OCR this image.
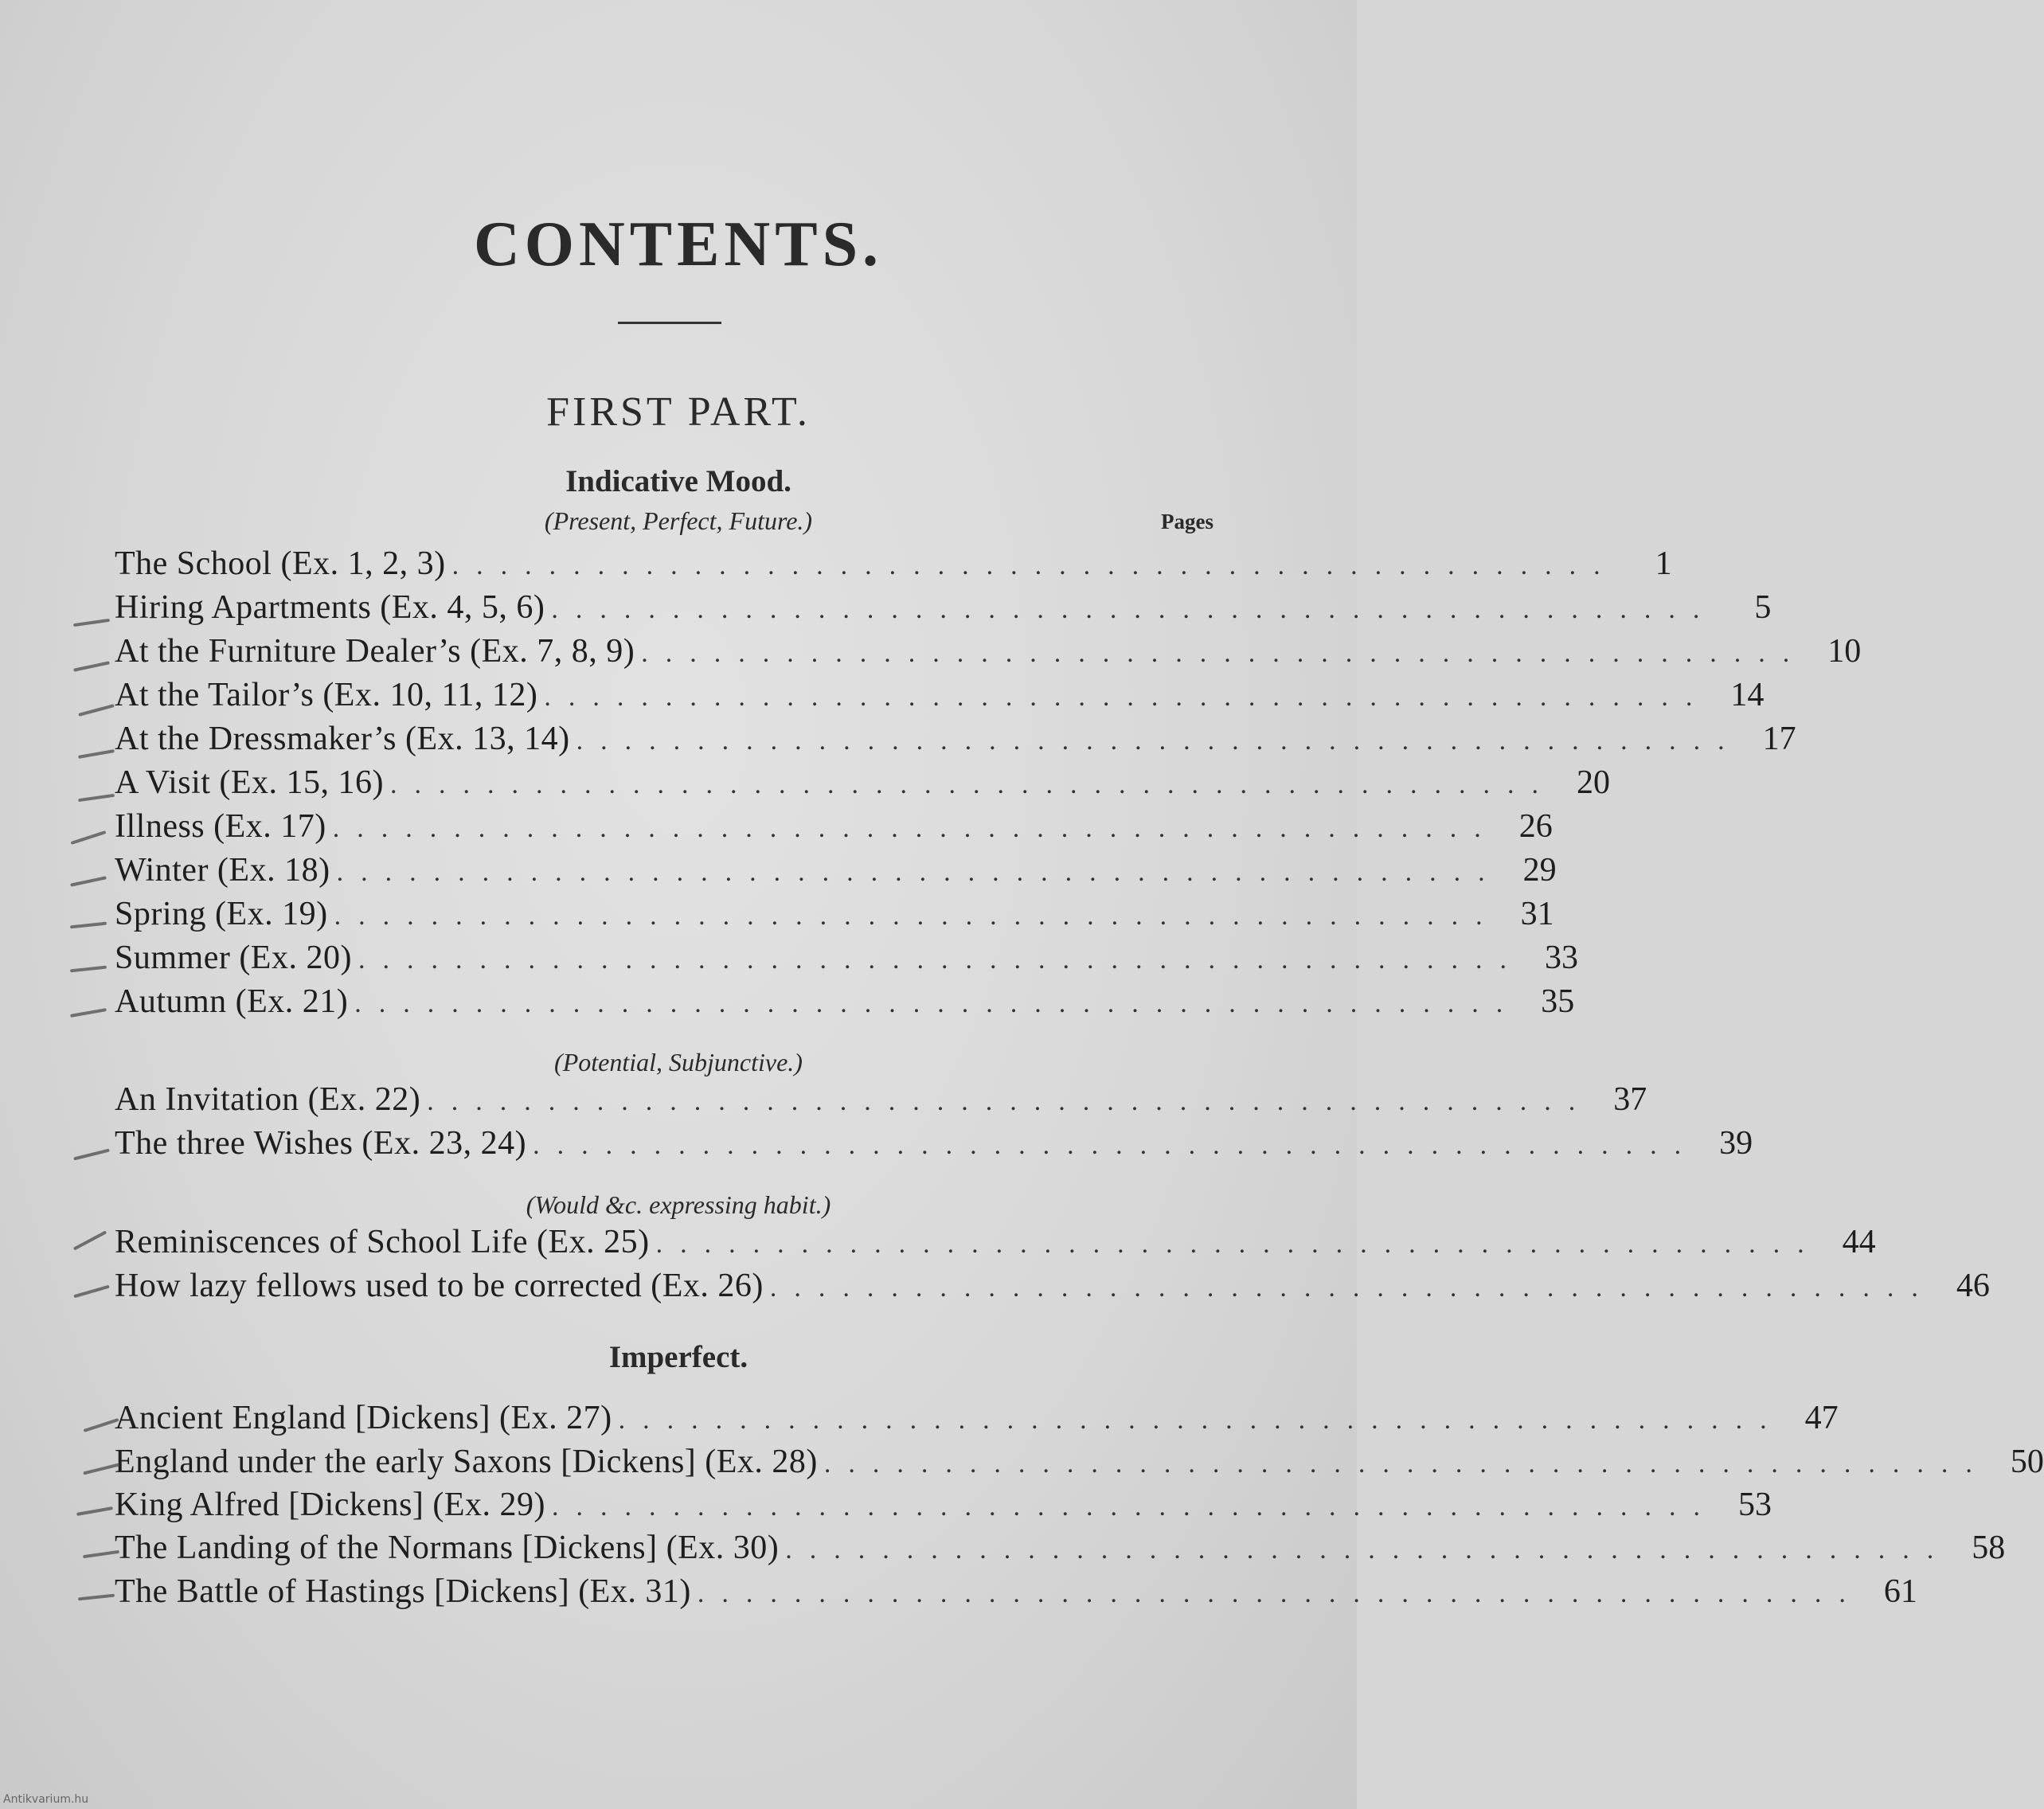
CONTENTS.
FIRST PART.
Indicative Mood.
(Present, Perfect, Future.)	Pages
The School (Ex. 1, 2, 3) ................................................	1
Hiring Apartments (Ex. 4, 5, 6) ................................................	5
At the Furniture Dealer’s (Ex. 7, 8, 9) ................................................ 10
At the Tailor’s (Ex. 10, 11, 12) ................................................ 14
At the Dressmaker’s (Ex. 13, 14) ................................................ 17
A Visit (Ex. 15, 16) ................................................ 20
Illness (Ex. 17) ................................................ 26
Winter (Ex. 18) ................................................ 29
Spring (Ex. 19) ................................................ 31
Summer (Ex. 20) ................................................ 33
Autumn (Ex. 21) ................................................ 35
(Potential, Subjunctive.)
An Invitation (Ex. 22) ................................................ 37
The three Wishes (Ex. 23, 24) ................................................ 39
(Would &c. expressing habit.)
Reminiscences of School Life (Ex. 25) ................................................ 44
How lazy fellows used to be corrected (Ex. 26) ................................................ 46
Imperfect.
Ancient England [Dickens] (Ex. 27) ................................................ 47
England under the early Saxons [Dickens] (Ex. 28) ................................................ 50
King Alfred [Dickens] (Ex. 29) ................................................ 53
The Landing of the Normans [Dickens] (Ex. 30) ................................................ 58
The Battle of Hastings [Dickens] (Ex. 31) ................................................ 61
Antikvarium.hu
